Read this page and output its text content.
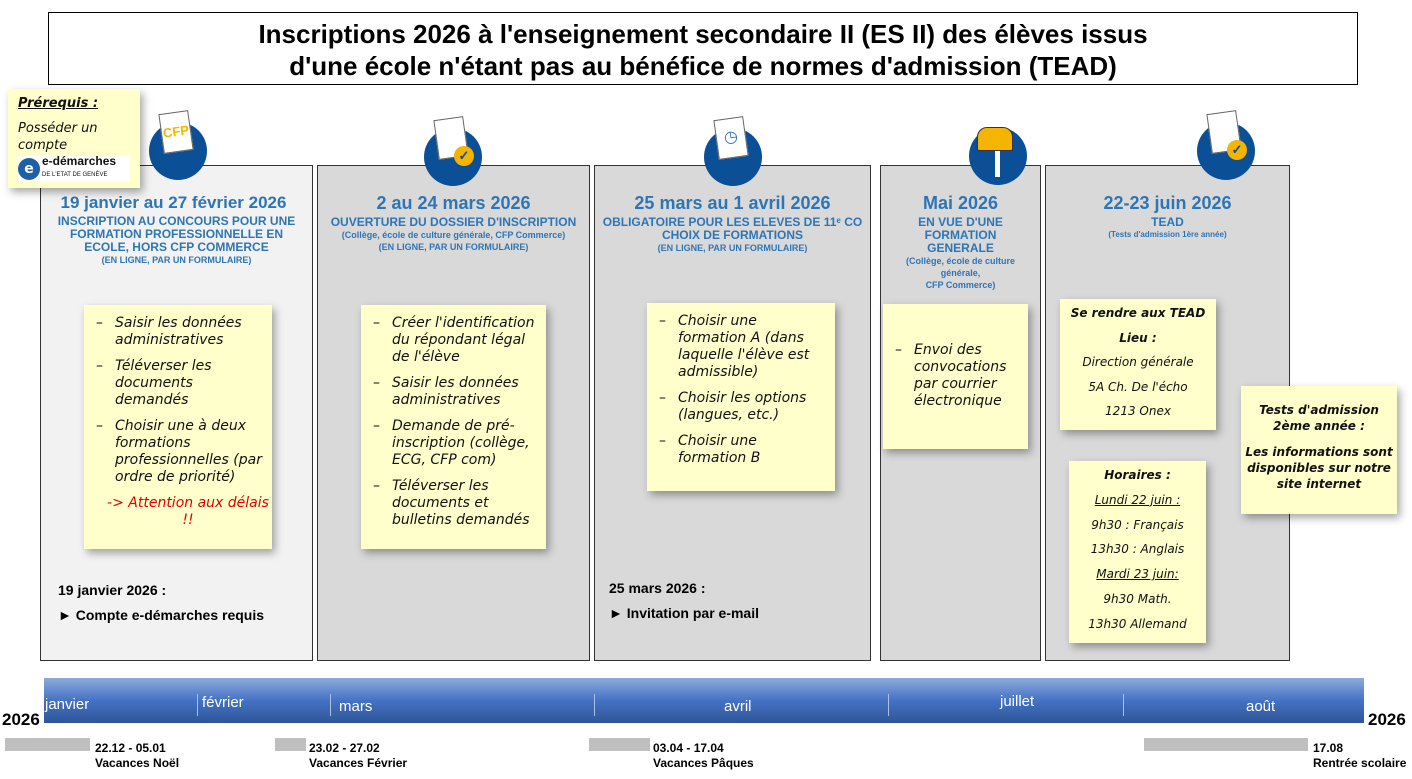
Inscriptions 2026 à l'enseignement secondaire II (ES II) des élèves issus
d'une école n'étant pas au bénéfice de normes d'admission (TEAD)
19 janvier au 27 février 2026
INSCRIPTION AU CONCOURS POUR UNE FORMATION PROFESSIONNELLE EN ECOLE, HORS CFP COMMERCE
(EN LIGNE, PAR UN FORMULAIRE)
2 au 24 mars 2026
OUVERTURE DU DOSSIER D'INSCRIPTION
(Collège, école de culture générale, CFP Commerce)
(EN LIGNE, PAR UN FORMULAIRE)
25 mars au 1 avril 2026
OBLIGATOIRE POUR LES ELEVES DE 11ᵉ CO
CHOIX DE FORMATIONS
(EN LIGNE, PAR UN FORMULAIRE)
Mai 2026
EN VUE D'UNE FORMATION GENERALE
(Collège, école de culture générale,
CFP Commerce)
22-23 juin 2026
TEAD
(Tests d'admission 1ère année)
CFP
✓
◷
✓
Prérequis :
Posséder un compte
e e-démarches
DE L'ETAT DE GENÈVE
– Saisir les données administratives
– Téléverser les documents demandés
– Choisir une à deux formations professionnelles (par ordre de priorité)
-> Attention aux délais !!
– Créer l'identification du répondant légal de l'élève
– Saisir les données administratives
– Demande de pré-inscription (collège, ECG, CFP com)
– Téléverser les documents et bulletins demandés
– Choisir une formation A (dans laquelle l'élève est admissible)
– Choisir les options (langues, etc.)
– Choisir une formation B
– Envoi des convocations par courrier électronique
Se rendre aux TEAD
Lieu :
Direction générale
5A Ch. De l'écho
1213 Onex
Horaires :
Lundi 22 juin :
9h30 : Français
13h30 : Anglais
Mardi 23 juin:
9h30 Math.
13h30 Allemand
Tests d'admission 2ème année :
Les informations sont disponibles sur notre site internet
19 janvier 2026 :
► Compte e-démarches requis
25 mars 2026 :
► Invitation par e-mail
janvier	février	mars	avril	juillet	août
2026	2026
22.12 - 05.01
Vacances Noël
23.02 - 27.02
Vacances Février
03.04 - 17.04
Vacances Pâques
17.08
Rentrée scolaire
